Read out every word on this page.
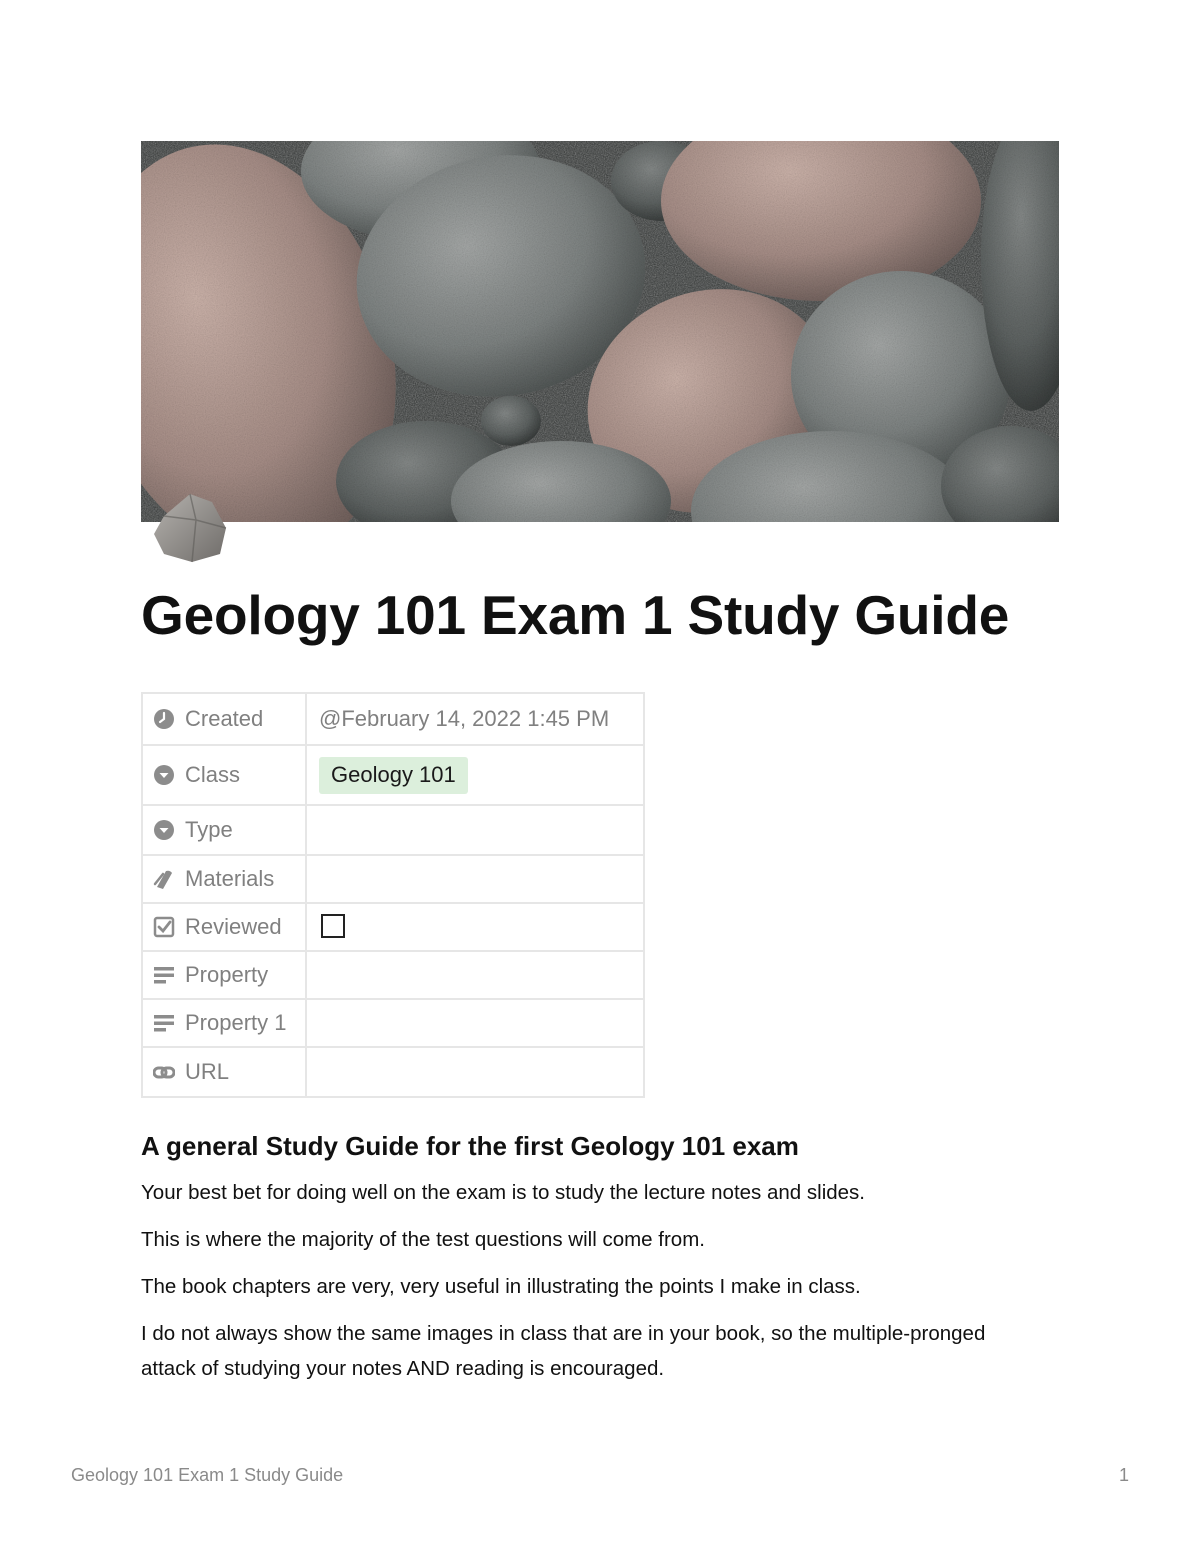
Geology 101 Exam 1 Study Guide
Created	@February 14, 2022 1:45 PM
Class	Geology 101
Type	
Materials	
Reviewed	
Property	
Property 1	
URL	
A general Study Guide for the first Geology 101 exam

Your best bet for doing well on the exam is to study the lecture notes and slides.

This is where the majority of the test questions will come from.

The book chapters are very, very useful in illustrating the points I make in class.

I do not always show the same images in class that are in your book, so the multiple-pronged attack of studying your notes AND reading is encouraged.

Geology 101 Exam 1 Study Guide	1
